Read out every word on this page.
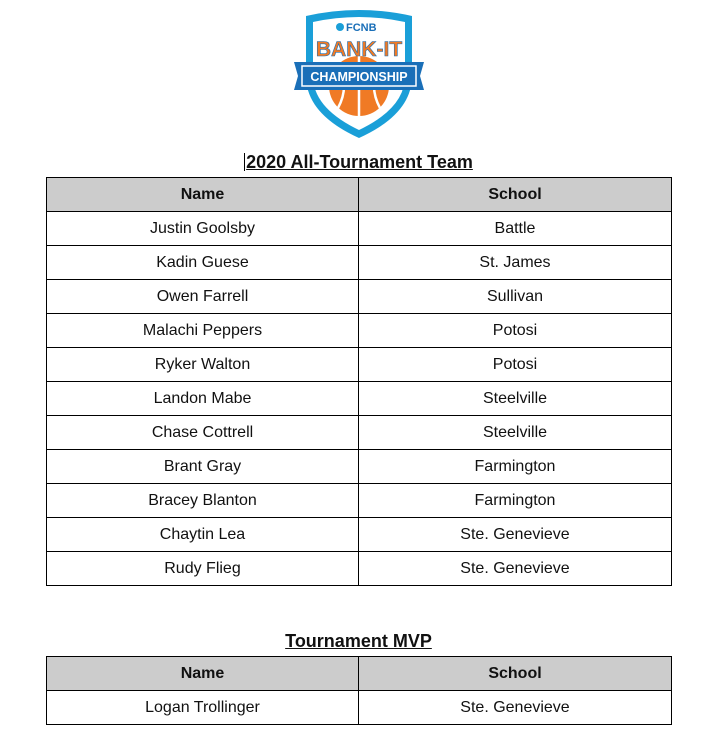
CHAMPIONSHIP
BANK-IT
FCNB
2020 All-Tournament Team
Name	School
Justin Goolsby	Battle
Kadin Guese	St. James
Owen Farrell	Sullivan
Malachi Peppers	Potosi
Ryker Walton	Potosi
Landon Mabe	Steelville
Chase Cottrell	Steelville
Brant Gray	Farmington
Bracey Blanton	Farmington
Chaytin Lea	Ste. Genevieve
Rudy Flieg	Ste. Genevieve
Tournament MVP
Name	School
Logan Trollinger	Ste. Genevieve
